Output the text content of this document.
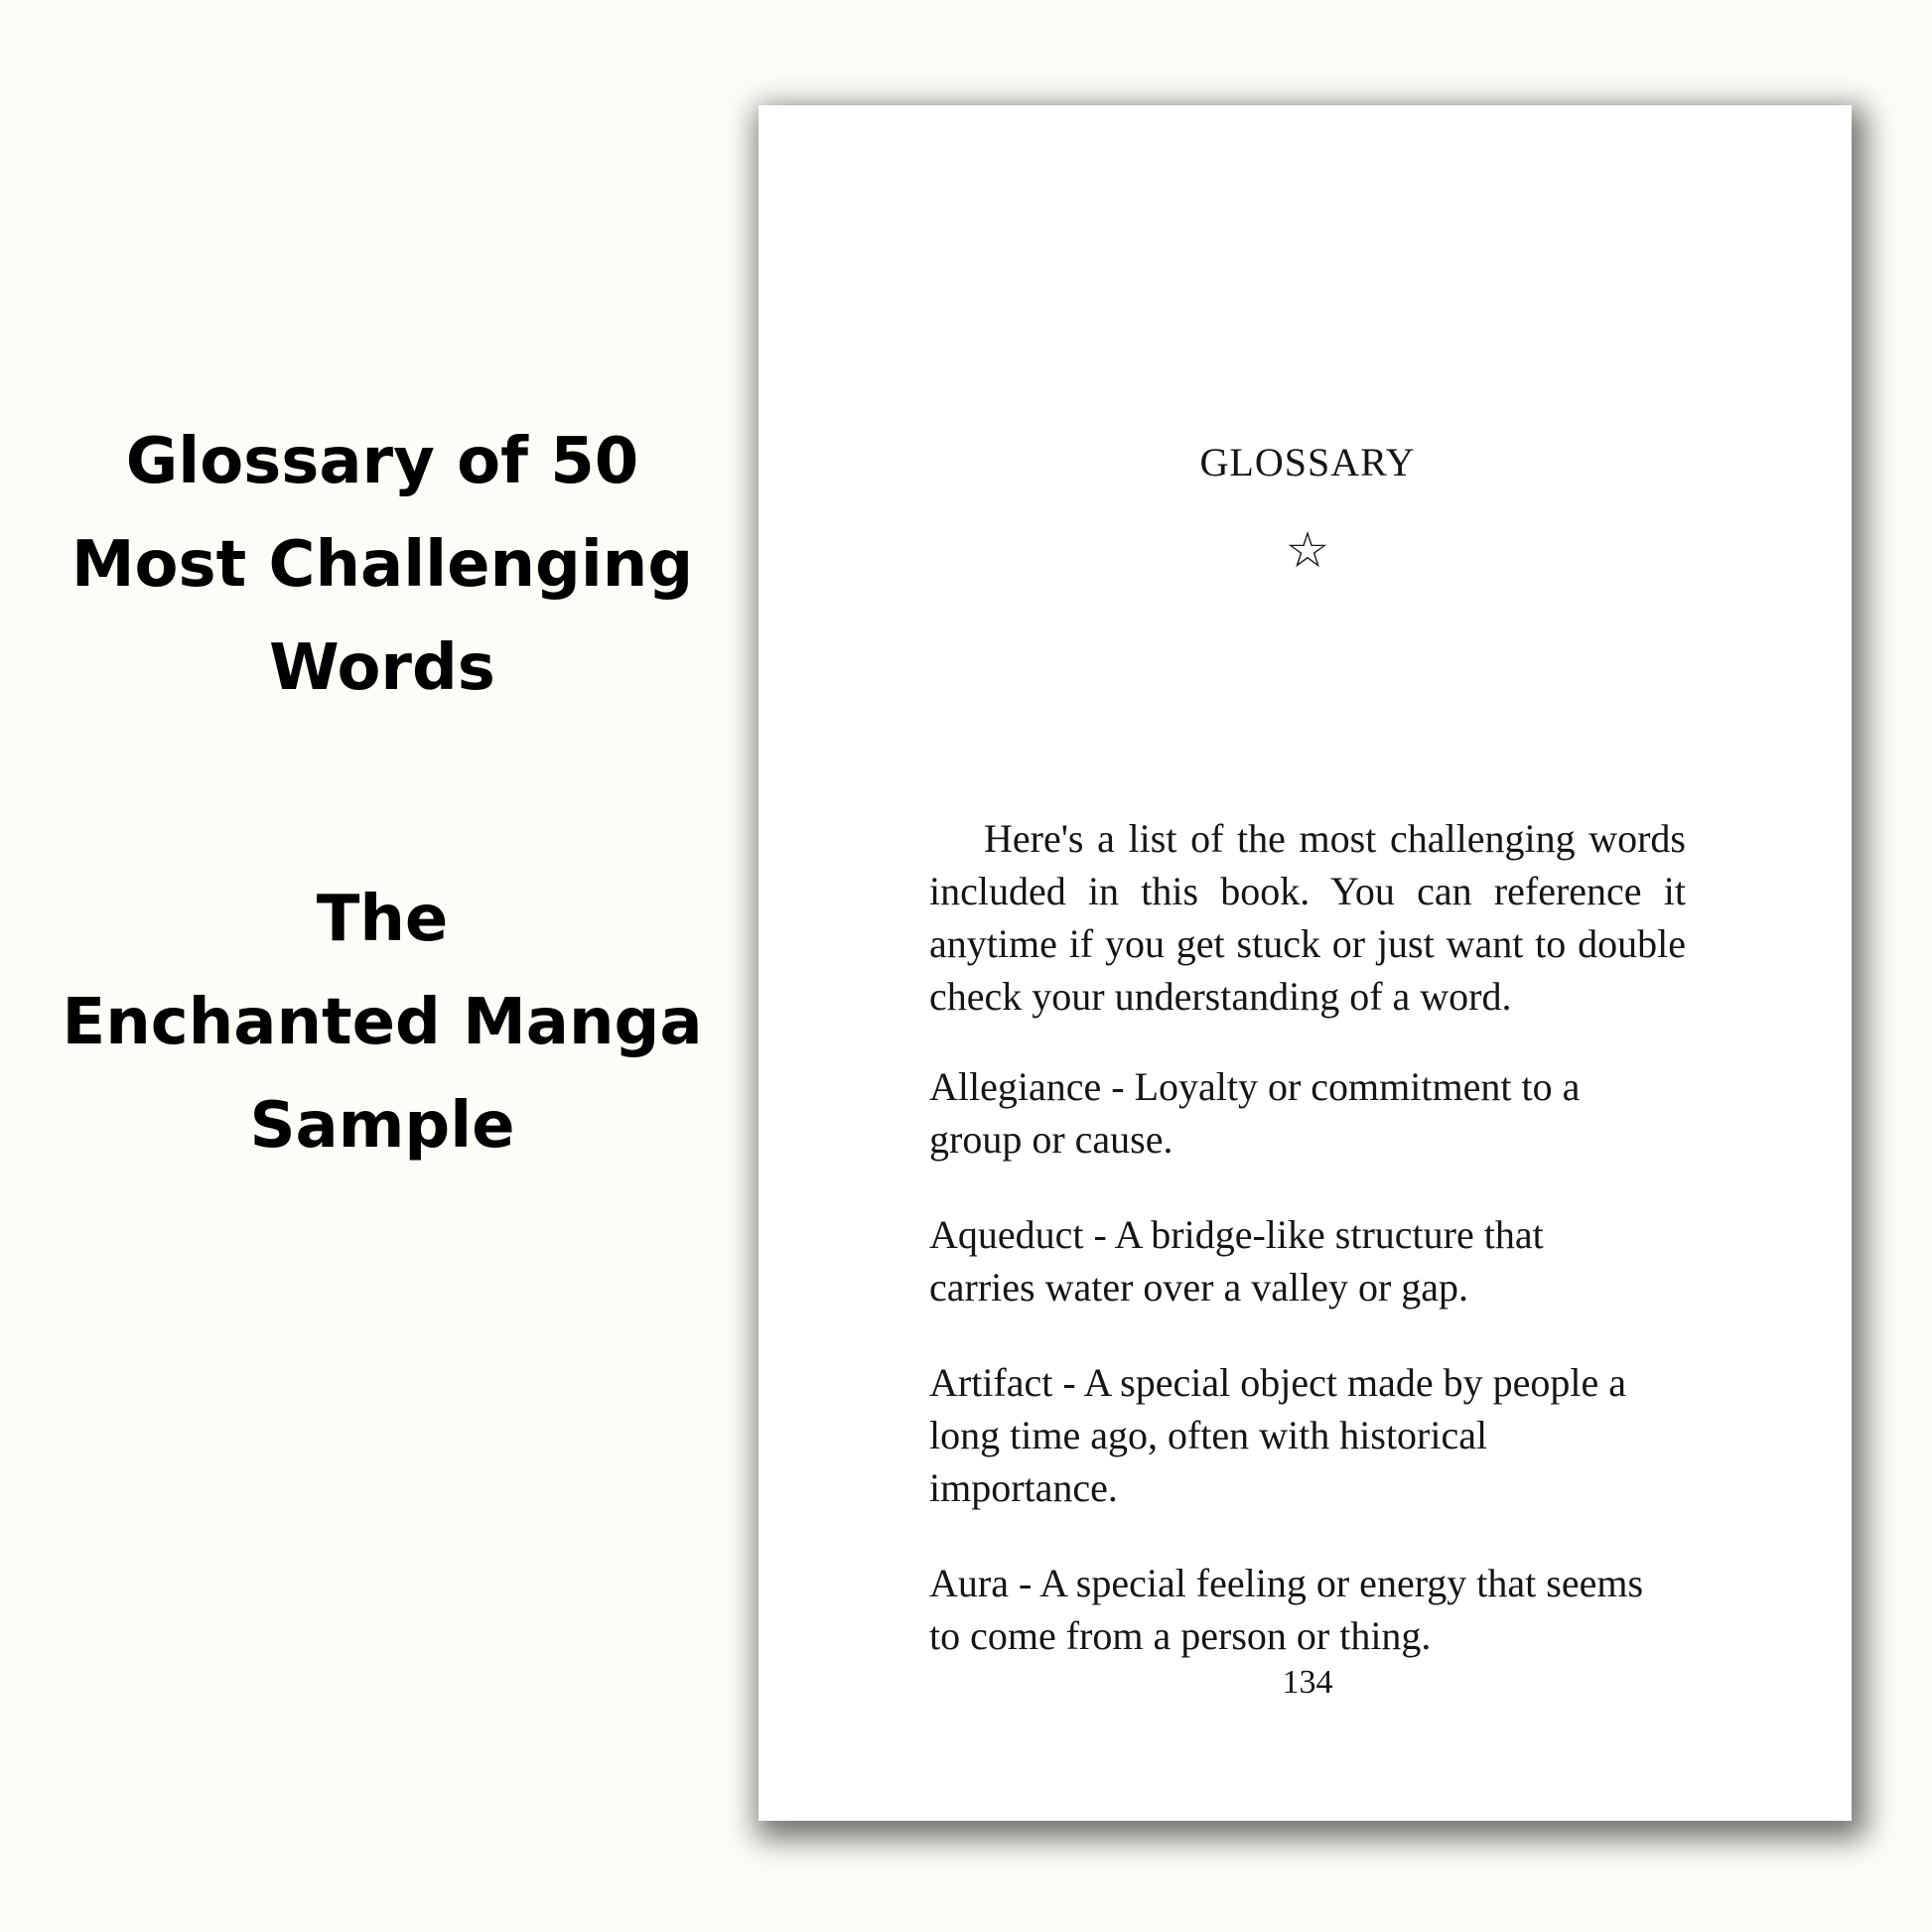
Glossary of 50
Most Challenging
Words
The
Enchanted Manga
Sample
GLOSSARY
☆

Here's a list of the most challenging words included in this book. You can reference it anytime if you get stuck or just want to double check your understanding of a word.

Allegiance - Loyalty or commitment to a group or cause.

Aqueduct - A bridge-like structure that carries water over a valley or gap.

Artifact - A special object made by people a long time ago, often with historical importance.

Aura - A special feeling or energy that seems to come from a person or thing.

134
